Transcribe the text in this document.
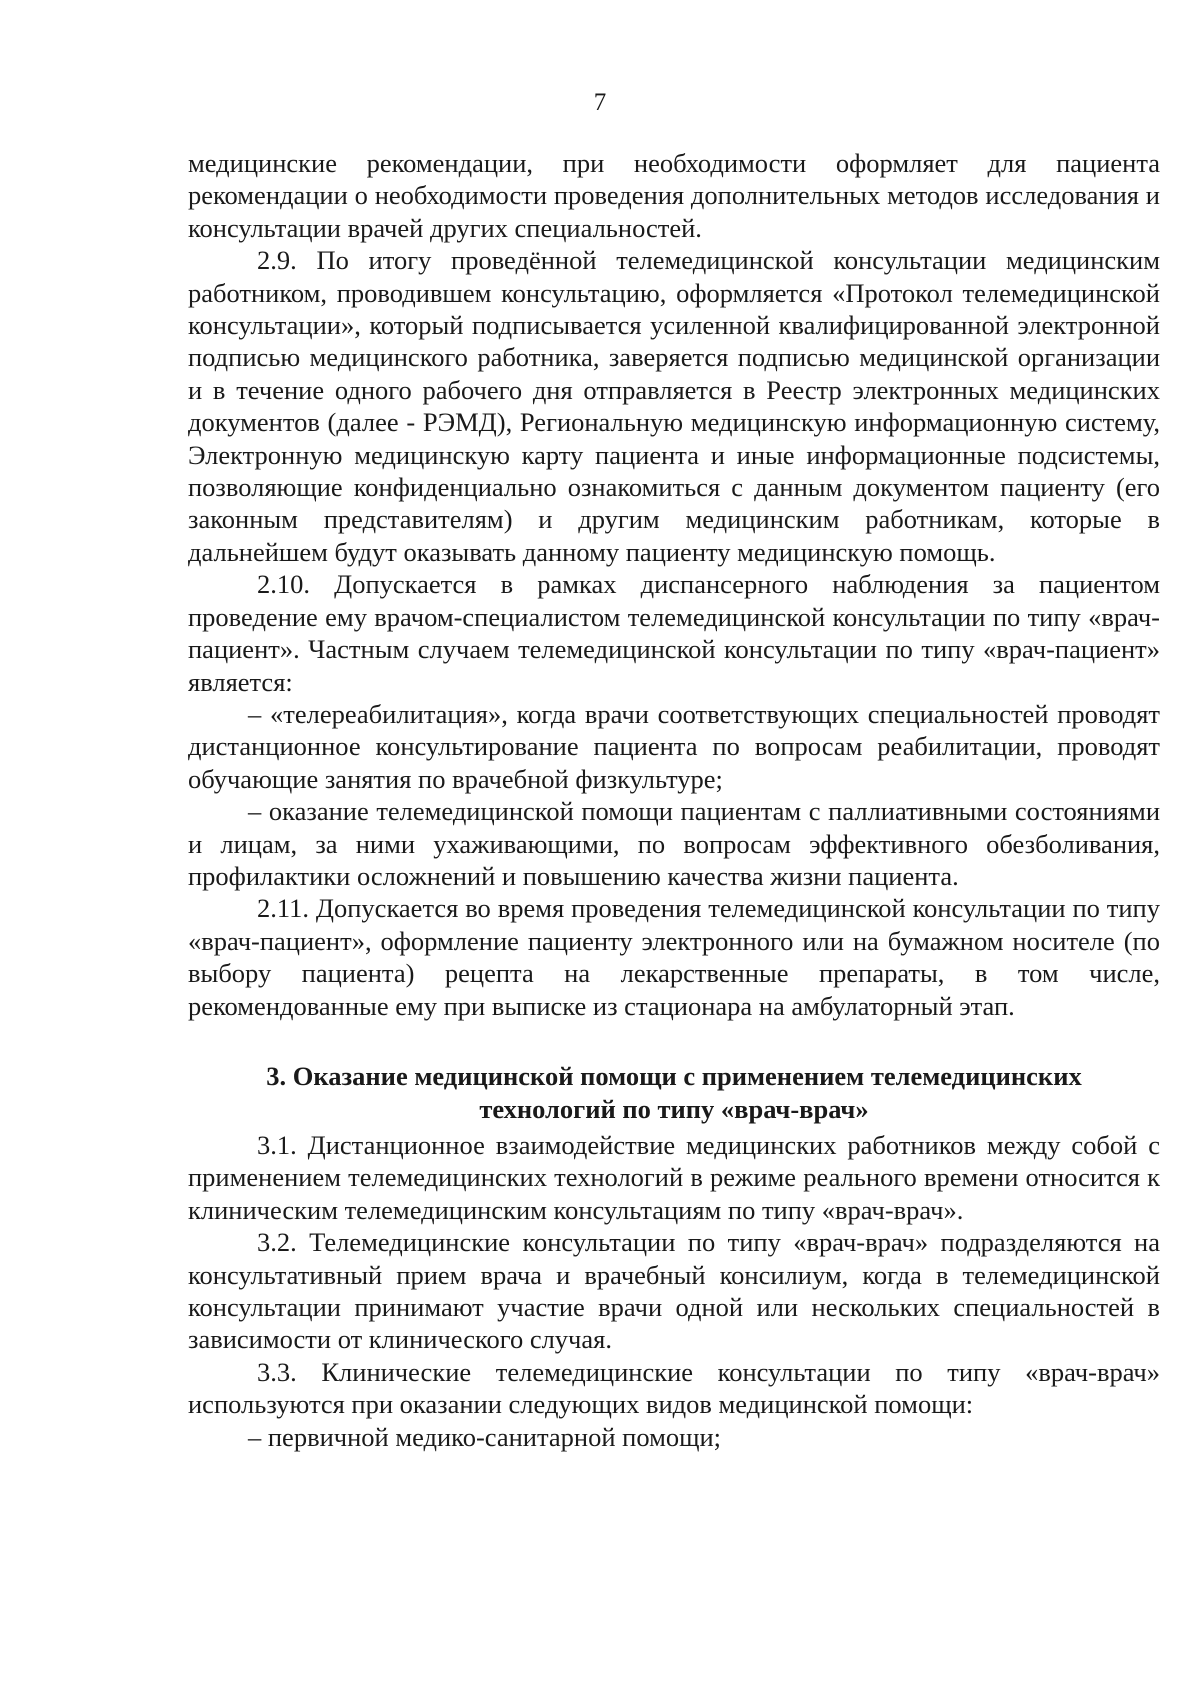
7

медицинские рекомендации, при необходимости оформляет для пациента рекомендации о необходимости проведения дополнительных методов исследования и консультации врачей других специальностей.

2.9. По итогу проведённой телемедицинской консультации медицинским работником, проводившем консультацию, оформляется «Протокол телемедицинской консультации», который подписывается усиленной квалифицированной электронной подписью медицинского работника, заверяется подписью медицинской организации и в течение одного рабочего дня отправляется в Реестр электронных медицинских документов (далее - РЭМД), Региональную медицинскую информационную систему, Электронную медицинскую карту пациента и иные информационные подсистемы, позволяющие конфиденциально ознакомиться с данным документом пациенту (его законным представителям) и другим медицинским работникам, которые в дальнейшем будут оказывать данному пациенту медицинскую помощь.

2.10. Допускается в рамках диспансерного наблюдения за пациентом проведение ему врачом-специалистом телемедицинской консультации по типу «врач-пациент». Частным случаем телемедицинской консультации по типу «врач-пациент» является:

– «телереабилитация», когда врачи соответствующих специальностей проводят дистанционное консультирование пациента по вопросам реабилитации, проводят обучающие занятия по врачебной физкультуре;

– оказание телемедицинской помощи пациентам с паллиативными состояниями и лицам, за ними ухаживающими, по вопросам эффективного обезболивания, профилактики осложнений и повышению качества жизни пациента.

2.11. Допускается во время проведения телемедицинской консультации по типу «врач-пациент», оформление пациенту электронного или на бумажном носителе (по выбору пациента) рецепта на лекарственные препараты, в том числе, рекомендованные ему при выписке из стационара на амбулаторный этап.

3. Оказание медицинской помощи с применением телемедицинских
технологий по типу «врач-врач»

3.1. Дистанционное взаимодействие медицинских работников между собой с применением телемедицинских технологий в режиме реального времени относится к клиническим телемедицинским консультациям по типу «врач-врач».

3.2. Телемедицинские консультации по типу «врач-врач» подразделяются на консультативный прием врача и врачебный консилиум, когда в телемедицинской консультации принимают участие врачи одной или нескольких специальностей в зависимости от клинического случая.

3.3. Клинические телемедицинские консультации по типу «врач-врач» используются при оказании следующих видов медицинской помощи:

– первичной медико-санитарной помощи;
